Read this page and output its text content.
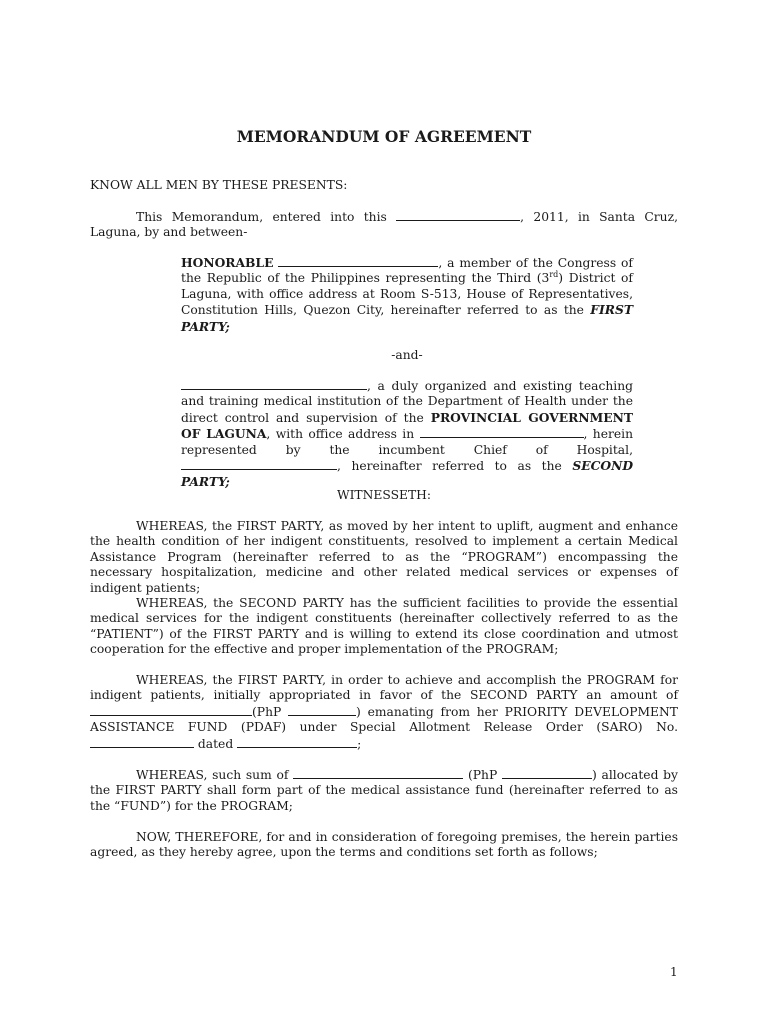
MEMORANDUM OF AGREEMENT
KNOW ALL MEN BY THESE PRESENTS:
This Memorandum, entered into this	, 2011, in Santa Cruz, Laguna, by and between-
HONORABLE	, a member of the Congress of the Republic of the Philippines representing the Third (3rd) District of Laguna, with office address at Room S-513, House of Representatives, Constitution Hills, Quezon City, hereinafter referred to as the FIRST PARTY;
-and-
, a duly organized and existing teaching and training medical institution of the Department of Health under the direct control and supervision of the PROVINCIAL GOVERNMENT OF LAGUNA, with office address in	, herein represented by the incumbent Chief of Hospital, , hereinafter referred to as the SECOND PARTY;
WITNESSETH:
WHEREAS, the FIRST PARTY, as moved by her intent to uplift, augment and enhance the health condition of her indigent constituents, resolved to implement a certain Medical Assistance Program (hereinafter referred to as the “PROGRAM”) encompassing the necessary hospitalization, medicine and other related medical services or expenses of indigent patients;
WHEREAS, the SECOND PARTY has the sufficient facilities to provide the essential medical services for the indigent constituents (hereinafter collectively referred to as the “PATIENT”) of the FIRST PARTY and is willing to extend its close coordination and utmost cooperation for the effective and proper implementation of the PROGRAM;
WHEREAS, the FIRST PARTY, in order to achieve and accomplish the PROGRAM for indigent patients, initially appropriated in favor of the SECOND PARTY an amount of (PhP	) emanating from her PRIORITY DEVELOPMENT ASSISTANCE FUND (PDAF) under Special Allotment Release Order (SARO) No.  dated	;
WHEREAS, such sum of	(PhP	) allocated by the FIRST PARTY shall form part of the medical assistance fund (hereinafter referred to as the “FUND”) for the PROGRAM;
NOW, THEREFORE, for and in consideration of foregoing premises, the herein parties agreed, as they hereby agree, upon the terms and conditions set forth as follows;
1
